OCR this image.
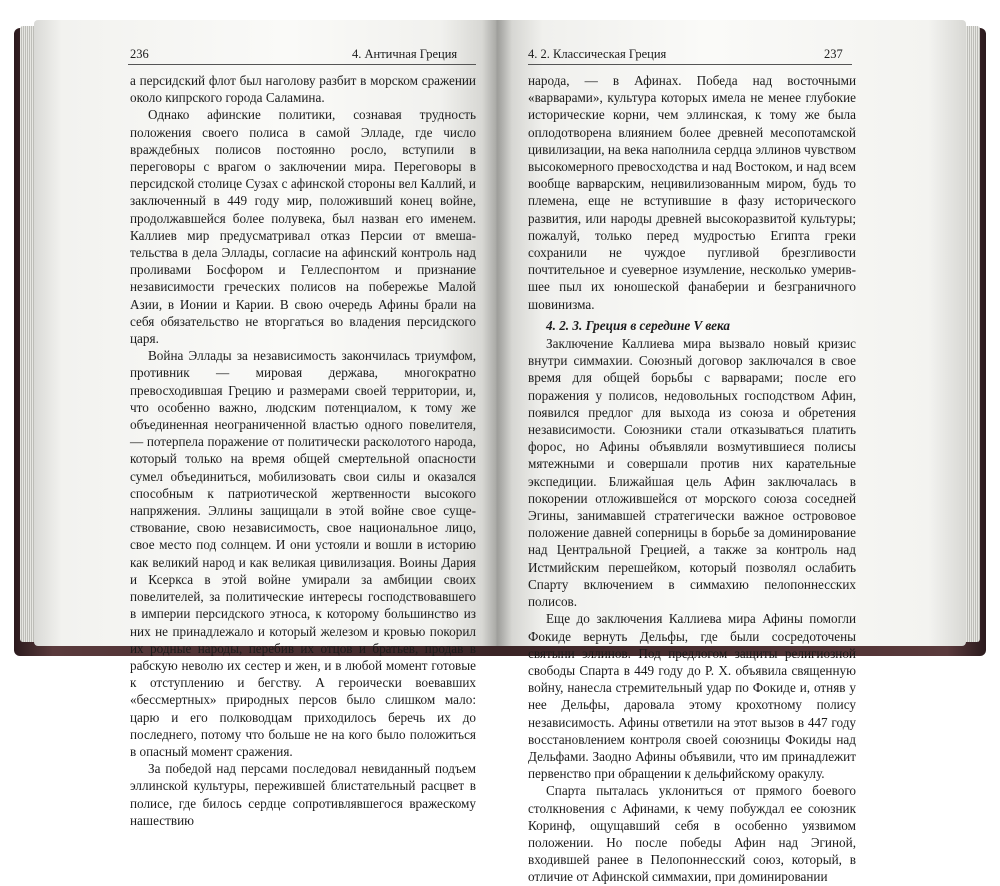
236	4. Античная Греция

а персидский флот был наголову разбит в морском сражении около кипрского города Саламина.

Однако афинские политики, сознавая трудность положения своего полиса в самой Элладе, где число враждебных полисов постоянно росло, вступили в переговоры с врагом о заключении мира. Переговоры в персидской столице Сузах с афинской стороны вел Каллий, и заключенный в 449 году мир, положивший конец войне, продолжавшейся более полувека, был назван его именем. Каллиев мир предусматривал отказ Персии от вмешательства в дела Эллады, согласие на афинский контроль над проливами Босфором и Геллеспонтом и признание независимости греческих полисов на побережье Малой Азии, в Ионии и Карии. В свою очередь Афины брали на себя обязательство не вторгаться во владения персидского царя.

Война Эллады за независимость закончилась триумфом, противник — мировая держава, многократно превосходившая Грецию и размерами своей территории, и, что особенно важно, людским потенциалом, к тому же объединенная неограниченной властью одного повелителя, — потерпела поражение от политически расколотого народа, который только на время общей смертельной опасности сумел объединиться, мобилизовать свои силы и оказался способным к патриотической жертвенности высокого напряжения. Эллины защищали в этой войне свое существование, свою независимость, свое национальное лицо, свое место под солнцем. И они устояли и вошли в историю как великий народ и как великая цивилизация. Воины Дария и Ксеркса в этой войне умирали за амбиции своих повелителей, за политические интересы господствовавшего в империи персидского этноса, к которому большинство из них не принадлежало и который железом и кровью покорил их родные народы, перебив их отцов и братьев, продав в рабскую неволю их сестер и жен, и в любой момент готовые к отступлению и бегству. А героически воевавших «бессмертных» природных персов было слишком мало: царю и его полководцам приходилось беречь их до последнего, потому что больше не на кого было положиться в опасный момент сражения.

За победой над персами последовал невиданный подъем эллинской культуры, пережившей блистательный расцвет в полисе, где билось сердце сопротивлявшегося вражескому нашествию

4. 2. Классическая Греция	237

народа, — в Афинах. Победа над восточными «варварами», культура которых имела не менее глубокие исторические корни, чем эллинская, к тому же была оплодотворена влиянием более древней месопотамской цивилизации, на века наполнила сердца эллинов чувством высокомерного превосходства и над Востоком, и над всем вообще варварским, нецивилизованным миром, будь то племена, еще не вступившие в фазу исторического развития, или народы древней высокоразвитой культуры; пожалуй, только перед мудростью Египта греки сохранили не чуждое пугливой брезгливости почтительное и суеверное изумление, несколько умерившее пыл их юношеской фанаберии и безграничного шовинизма.

4. 2. 3. Греция в середине V века

Заключение Каллиева мира вызвало новый кризис внутри симмахии. Союзный договор заключался в свое время для общей борьбы с варварами; после его поражения у полисов, недовольных господством Афин, появился предлог для выхода из союза и обретения независимости. Союзники стали отказываться платить форос, но Афины объявляли возмутившиеся полисы мятежными и совершали против них карательные экспедиции. Ближайшая цель Афин заключалась в покорении отложившейся от морского союза соседней Эгины, занимавшей стратегически важное острововое положение давней соперницы в борьбе за доминирование над Центральной Грецией, а также за контроль над Истмийским перешейком, который позволял ослабить Спарту включением в симмахию пелопоннесских полисов.

Еще до заключения Каллиева мира Афины помогли Фокиде вернуть Дельфы, где были сосредоточены святыни эллинов. Под предлогом защиты религиозной свободы Спарта в 449 году до Р. Х. объявила священную войну, нанесла стремительный удар по Фокиде и, отняв у нее Дельфы, даровала этому крохотному полису независимость. Афины ответили на этот вызов в 447 году восстановлением контроля своей союзницы Фокиды над Дельфами. Заодно Афины объявили, что им принадлежит первенство при обращении к дельфийскому оракулу.

Спарта пыталась уклониться от прямого боевого столкновения с Афинами, к чему побуждал ее союзник Коринф, ощущавший себя в особенно уязвимом положении. Но после победы Афин над Эгиной, входившей ранее в Пелопоннесский союз, который, в отличие от Афинской симмахии, при доминировании
